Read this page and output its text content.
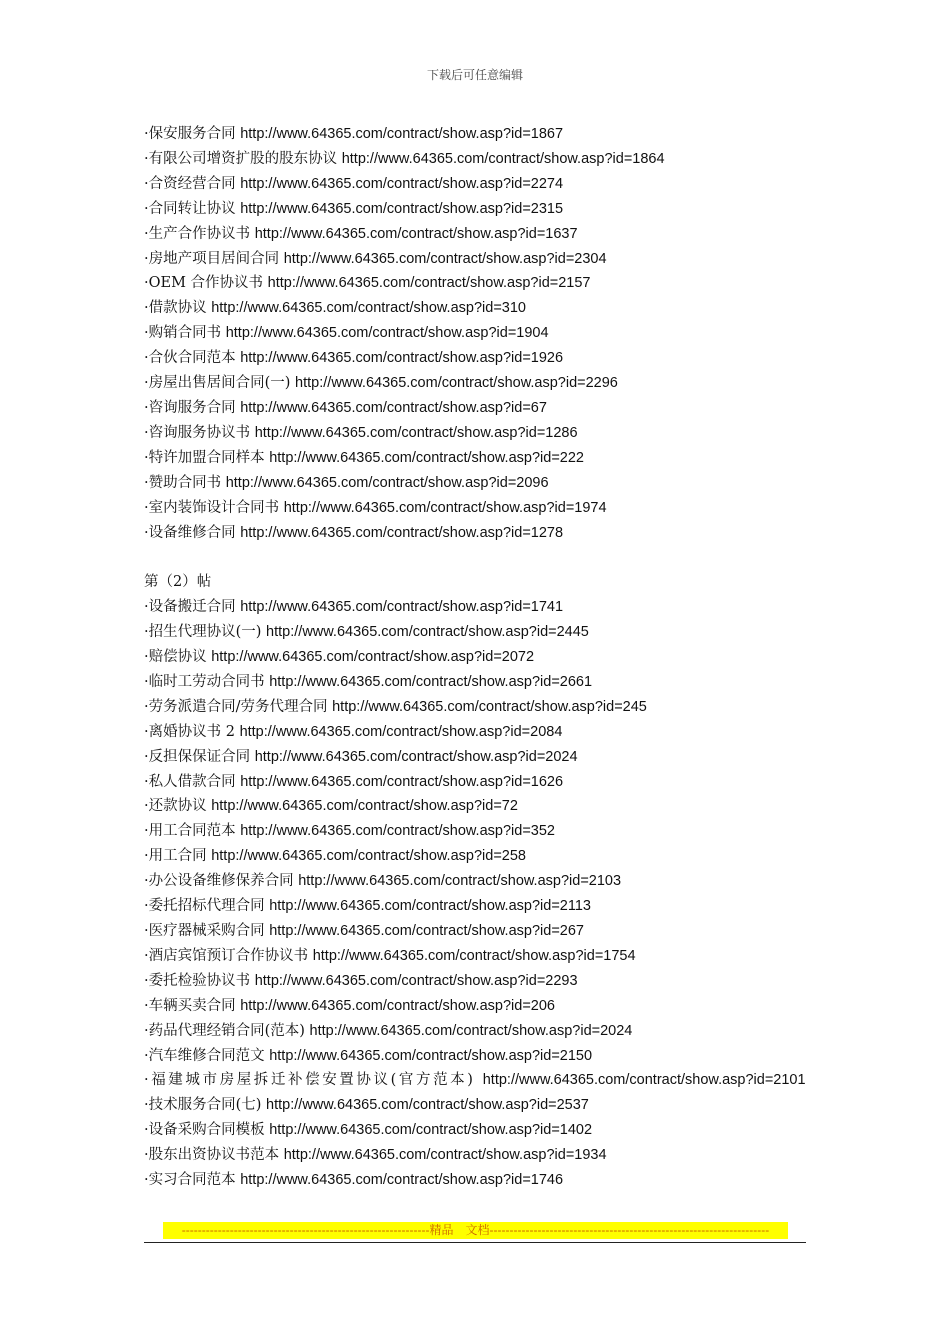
下载后可任意编辑
·保安服务合同 http://www.64365.com/contract/show.asp?id=1867
·有限公司增资扩股的股东协议 http://www.64365.com/contract/show.asp?id=1864
·合资经营合同 http://www.64365.com/contract/show.asp?id=2274
·合同转让协议 http://www.64365.com/contract/show.asp?id=2315
·生产合作协议书 http://www.64365.com/contract/show.asp?id=1637
·房地产项目居间合同 http://www.64365.com/contract/show.asp?id=2304
·OEM 合作协议书 http://www.64365.com/contract/show.asp?id=2157
·借款协议 http://www.64365.com/contract/show.asp?id=310
·购销合同书 http://www.64365.com/contract/show.asp?id=1904
·合伙合同范本 http://www.64365.com/contract/show.asp?id=1926
·房屋出售居间合同(一) http://www.64365.com/contract/show.asp?id=2296
·咨询服务合同 http://www.64365.com/contract/show.asp?id=67
·咨询服务协议书 http://www.64365.com/contract/show.asp?id=1286
·特许加盟合同样本 http://www.64365.com/contract/show.asp?id=222
·赞助合同书 http://www.64365.com/contract/show.asp?id=2096
·室内装饰设计合同书 http://www.64365.com/contract/show.asp?id=1974
·设备维修合同 http://www.64365.com/contract/show.asp?id=1278
第（2）帖
·设备搬迁合同 http://www.64365.com/contract/show.asp?id=1741
·招生代理协议(一) http://www.64365.com/contract/show.asp?id=2445
·赔偿协议 http://www.64365.com/contract/show.asp?id=2072
·临时工劳动合同书 http://www.64365.com/contract/show.asp?id=2661
·劳务派遣合同/劳务代理合同 http://www.64365.com/contract/show.asp?id=245
·离婚协议书 2 http://www.64365.com/contract/show.asp?id=2084
·反担保保证合同 http://www.64365.com/contract/show.asp?id=2024
·私人借款合同 http://www.64365.com/contract/show.asp?id=1626
·还款协议 http://www.64365.com/contract/show.asp?id=72
·用工合同范本 http://www.64365.com/contract/show.asp?id=352
·用工合同 http://www.64365.com/contract/show.asp?id=258
·办公设备维修保养合同 http://www.64365.com/contract/show.asp?id=2103
·委托招标代理合同 http://www.64365.com/contract/show.asp?id=2113
·医疗器械采购合同 http://www.64365.com/contract/show.asp?id=267
·酒店宾馆预订合作协议书 http://www.64365.com/contract/show.asp?id=1754
·委托检验协议书 http://www.64365.com/contract/show.asp?id=2293
·车辆买卖合同 http://www.64365.com/contract/show.asp?id=206
·药品代理经销合同(范本) http://www.64365.com/contract/show.asp?id=2024
·汽车维修合同范文 http://www.64365.com/contract/show.asp?id=2150
·福建城市房屋拆迁补偿安置协议(官方范本) http://www.64365.com/contract/show.asp?id=2101
·技术服务合同(七) http://www.64365.com/contract/show.asp?id=2537
·设备采购合同模板 http://www.64365.com/contract/show.asp?id=1402
·股东出资协议书范本 http://www.64365.com/contract/show.asp?id=1934
·实习合同范本 http://www.64365.com/contract/show.asp?id=1746
--------------------------------------------------------------精品　文档----------------------------------------------------------------------
